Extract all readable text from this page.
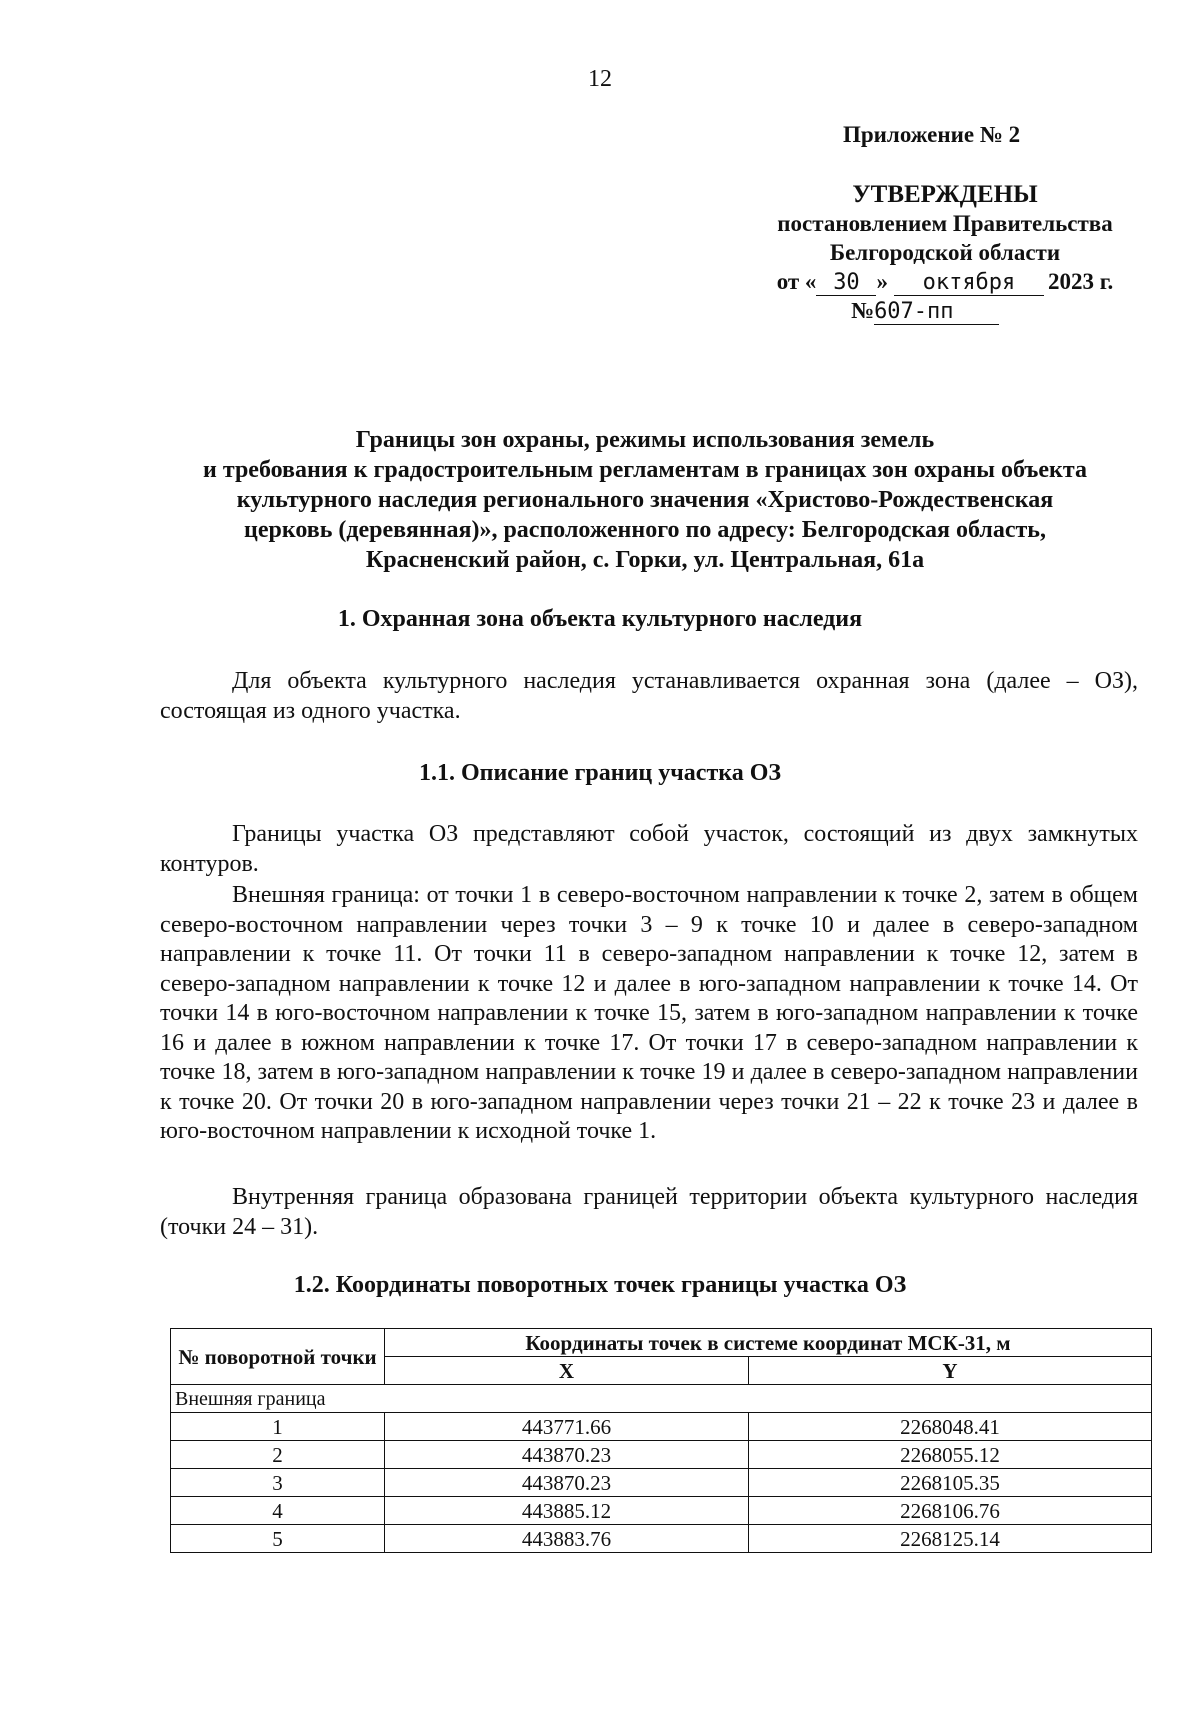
12
Приложение № 2
УТВЕРЖДЕНЫ
постановлением Правительства
Белгородской области
от « 30 »	октября	2023 г.
№ 607-пп
Границы зон охраны, режимы использования земель
и требования к градостроительным регламентам в границах зон охраны объекта
культурного наследия регионального значения «Христово-Рождественская
церковь (деревянная)», расположенного по адресу: Белгородская область,
Красненский район, с. Горки, ул. Центральная, 61а
1. Охранная зона объекта культурного наследия
Для объекта культурного наследия устанавливается охранная зона (далее – ОЗ), состоящая из одного участка.
1.1. Описание границ участка ОЗ
Границы участка ОЗ представляют собой участок, состоящий из двух замкнутых контуров.
Внешняя граница: от точки 1 в северо-восточном направлении к точке 2, затем в общем северо-восточном направлении через точки 3 – 9 к точке 10 и далее в северо-западном направлении к точке 11. От точки 11 в северо-западном направлении к точке 12, затем в северо-западном направлении к точке 12 и далее в юго-западном направлении к точке 14. От точки 14 в юго-восточном направлении к точке 15, затем в юго-западном направлении к точке 16 и далее в южном направлении к точке 17. От точки 17 в северо-западном направлении к точке 18, затем в юго-западном направлении к точке 19 и далее в северо-западном направлении к точке 20. От точки 20 в юго-западном направлении через точки 21 – 22 к точке 23 и далее в юго-восточном направлении к исходной точке 1.
Внутренняя граница образована границей территории объекта культурного наследия (точки 24 – 31).
1.2. Координаты поворотных точек границы участка ОЗ
№ поворотной точки	Координаты точек в системе координат МСК-31, м	
	X	Y
Внешняя граница		
1	443771.66	2268048.41
2	443870.23	2268055.12
3	443870.23	2268105.35
4	443885.12	2268106.76
5	443883.76	2268125.14
